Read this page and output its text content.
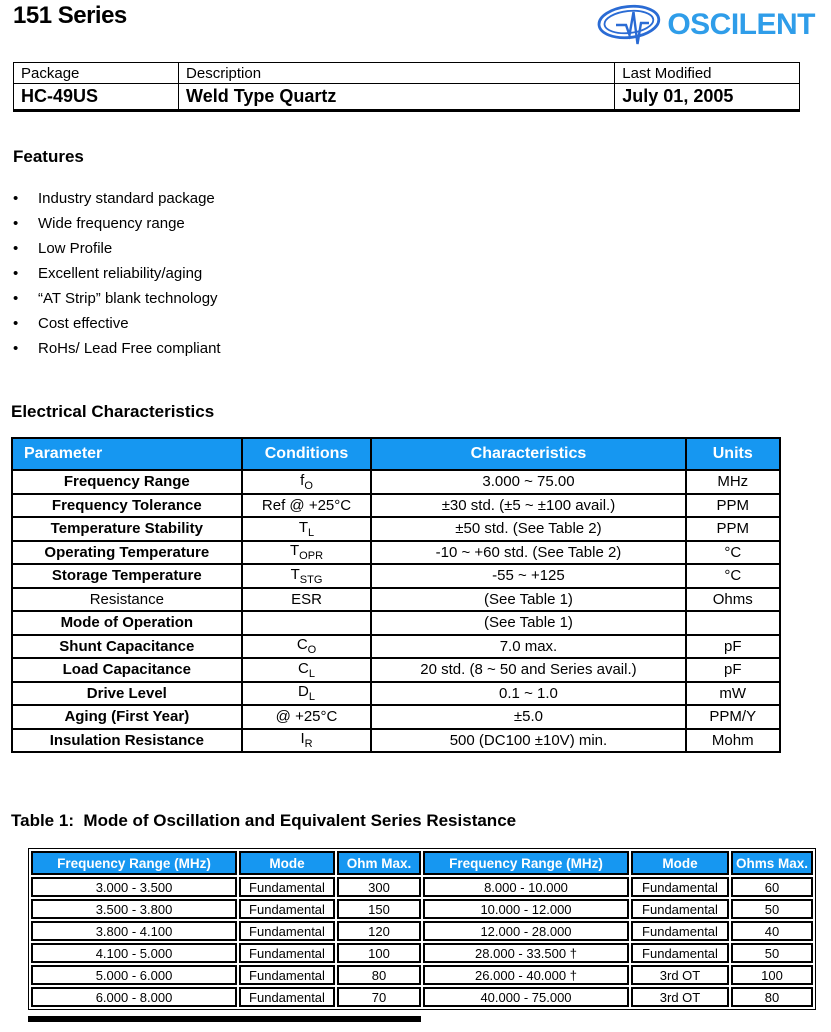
151 Series	OSCILENT
Package	Description	Last Modified
HC-49US	Weld Type Quartz	July 01, 2005
Features
•	Industry standard package
•	Wide frequency range
•	Low Profile
•	Excellent reliability/aging
•	“AT Strip” blank technology
•	Cost effective
•	RoHs/ Lead Free compliant
Electrical Characteristics
Parameter	Conditions	Characteristics	Units
Frequency Range	$f_O$	3.000 ~ 75.00	MHz
Frequency Tolerance	Ref @ +25°C	±30 std. (±5 ~ ±100 avail.)	PPM
Temperature Stability	$T_L$	±50 std. (See Table 2)	PPM
Operating Temperature	$T_{OPR}$	-10 ~ +60 std. (See Table 2)	°C
Storage Temperature	$T_{STG}$	-55 ~ +125	°C
Resistance	ESR	(See Table 1)	Ohms
Mode of Operation		(See Table 1)	
Shunt Capacitance	$C_O$	7.0 max.	pF
Load Capacitance	$C_L$	20 std. (8 ~ 50 and Series avail.)	pF
Drive Level	$D_L$	0.1 ~ 1.0	mW
Aging (First Year)	@ +25°C	±5.0	PPM/Y
Insulation Resistance	$I_R$	500 (DC100 ±10V) min.	Mohm
Table 1:  Mode of Oscillation and Equivalent Series Resistance
Frequency Range (MHz)	Mode	Ohm Max.	Frequency Range (MHz)	Mode	Ohms Max.
3.000 - 3.500	Fundamental	300	8.000 - 10.000	Fundamental	60
3.500 - 3.800	Fundamental	150	10.000 - 12.000	Fundamental	50
3.800 - 4.100	Fundamental	120	12.000 - 28.000	Fundamental	40
4.100 - 5.000	Fundamental	100	28.000 - 33.500 †	Fundamental	50
5.000 - 6.000	Fundamental	80	26.000 - 40.000 †	3rd OT	100
6.000 - 8.000	Fundamental	70	40.000 - 75.000	3rd OT	80
